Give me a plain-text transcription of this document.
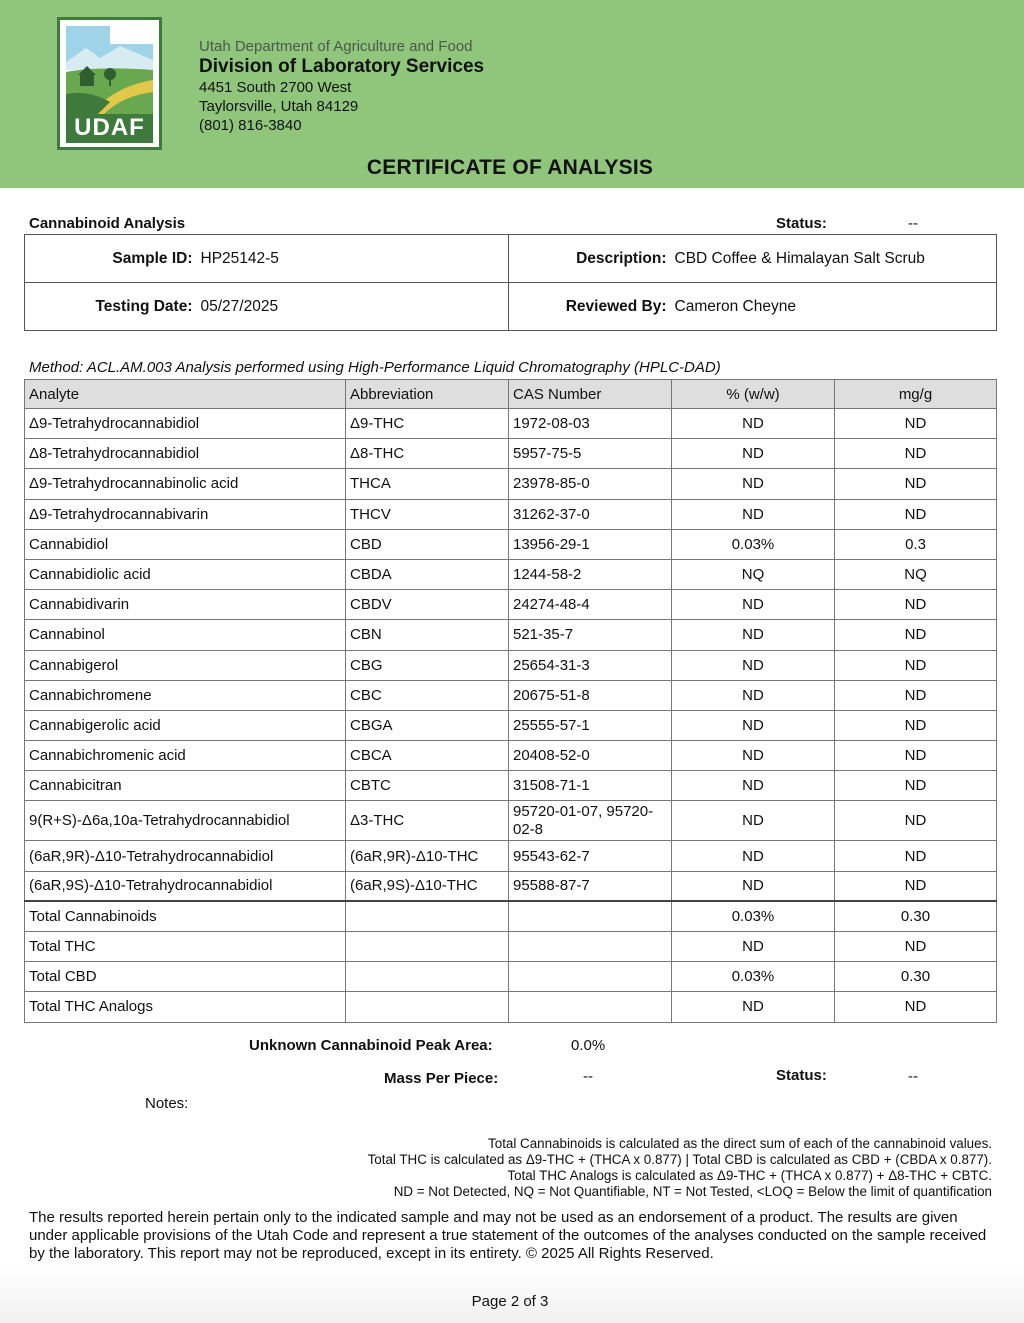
UDAF
Utah Department of Agriculture and Food
Division of Laboratory Services
4451 South 2700 West
Taylorsville, Utah 84129
(801) 816-3840
CERTIFICATE OF ANALYSIS
Cannabinoid Analysis	Status:	--
Sample ID:	HP25142-5	Description:	CBD Coffee & Himalayan Salt Scrub
Testing Date:	05/27/2025	Reviewed By:	Cameron Cheyne
Method: ACL.AM.003 Analysis performed using High-Performance Liquid Chromatography (HPLC-DAD)
Analyte	Abbreviation	CAS Number	% (w/w)	mg/g
Δ9-Tetrahydrocannabidiol	Δ9-THC	1972-08-03	ND	ND
Δ8-Tetrahydrocannabidiol	Δ8-THC	5957-75-5	ND	ND
Δ9-Tetrahydrocannabinolic acid	THCA	23978-85-0	ND	ND
Δ9-Tetrahydrocannabivarin	THCV	31262-37-0	ND	ND
Cannabidiol	CBD	13956-29-1	0.03%	0.3
Cannabidiolic acid	CBDA	1244-58-2	NQ	NQ
Cannabidivarin	CBDV	24274-48-4	ND	ND
Cannabinol	CBN	521-35-7	ND	ND
Cannabigerol	CBG	25654-31-3	ND	ND
Cannabichromene	CBC	20675-51-8	ND	ND
Cannabigerolic acid	CBGA	25555-57-1	ND	ND
Cannabichromenic acid	CBCA	20408-52-0	ND	ND
Cannabicitran	CBTC	31508-71-1	ND	ND
9(R+S)-Δ6a,10a-Tetrahydrocannabidiol	Δ3-THC	95720-01-07, 95720-02-8	ND	ND
(6aR,9R)-Δ10-Tetrahydrocannabidiol	(6aR,9R)-Δ10-THC	95543-62-7	ND	ND
(6aR,9S)-Δ10-Tetrahydrocannabidiol	(6aR,9S)-Δ10-THC	95588-87-7	ND	ND
Total Cannabinoids			0.03%	0.30
Total THC			ND	ND
Total CBD			0.03%	0.30
Total THC Analogs			ND	ND
Unknown Cannabinoid Peak Area:	0.0%
Mass Per Piece:	--	Status:	--
Notes:
Total Cannabinoids is calculated as the direct sum of each of the cannabinoid values.
Total THC is calculated as Δ9-THC + (THCA x 0.877) | Total CBD is calculated as CBD + (CBDA x 0.877).
Total THC Analogs is calculated as Δ9-THC + (THCA x 0.877) + Δ8-THC + CBTC.
ND = Not Detected, NQ = Not Quantifiable, NT = Not Tested, <LOQ = Below the limit of quantification
The results reported herein pertain only to the indicated sample and may not be used as an endorsement of a product. The results are given under applicable provisions of the Utah Code and represent a true statement of the outcomes of the analyses conducted on the sample received by the laboratory. This report may not be reproduced, except in its entirety. © 2025 All Rights Reserved.
Page 2 of 3
